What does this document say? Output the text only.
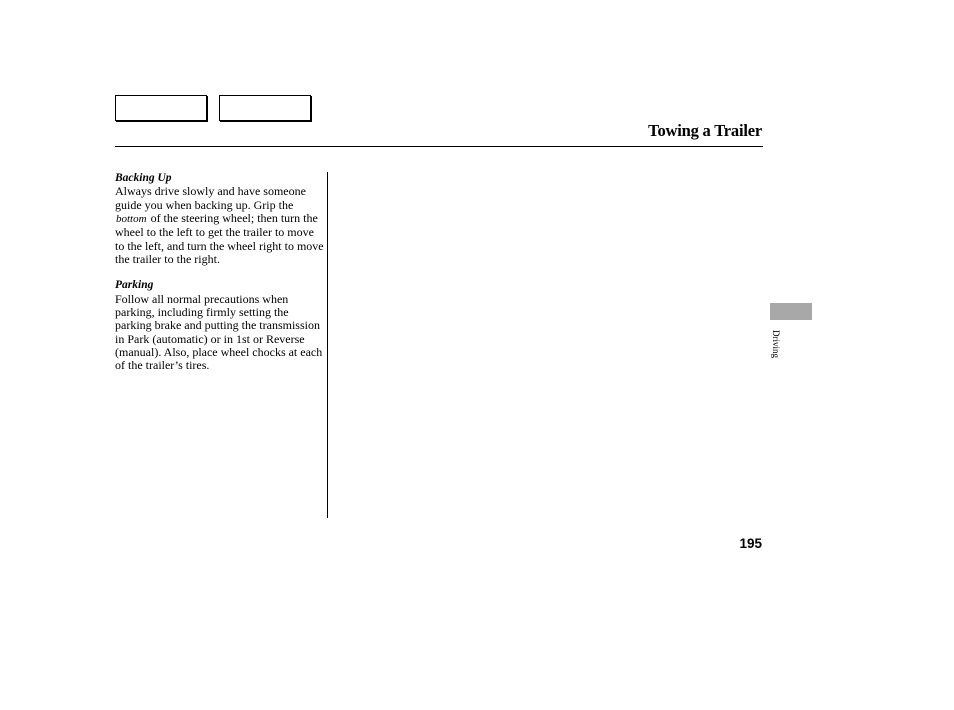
Towing a Trailer
Backing Up

Always drive slowly and have someone guide you when backing up. Grip the bottom of the steering wheel; then turn the wheel to the left to get the trailer to move to the left, and turn the wheel right to move the trailer to the right.

Parking

Follow all normal precautions when parking, including firmly setting the parking brake and putting the transmission in Park (automatic) or in 1st or Reverse (manual). Also, place wheel chocks at each of the trailer’s tires.

Driving
195
